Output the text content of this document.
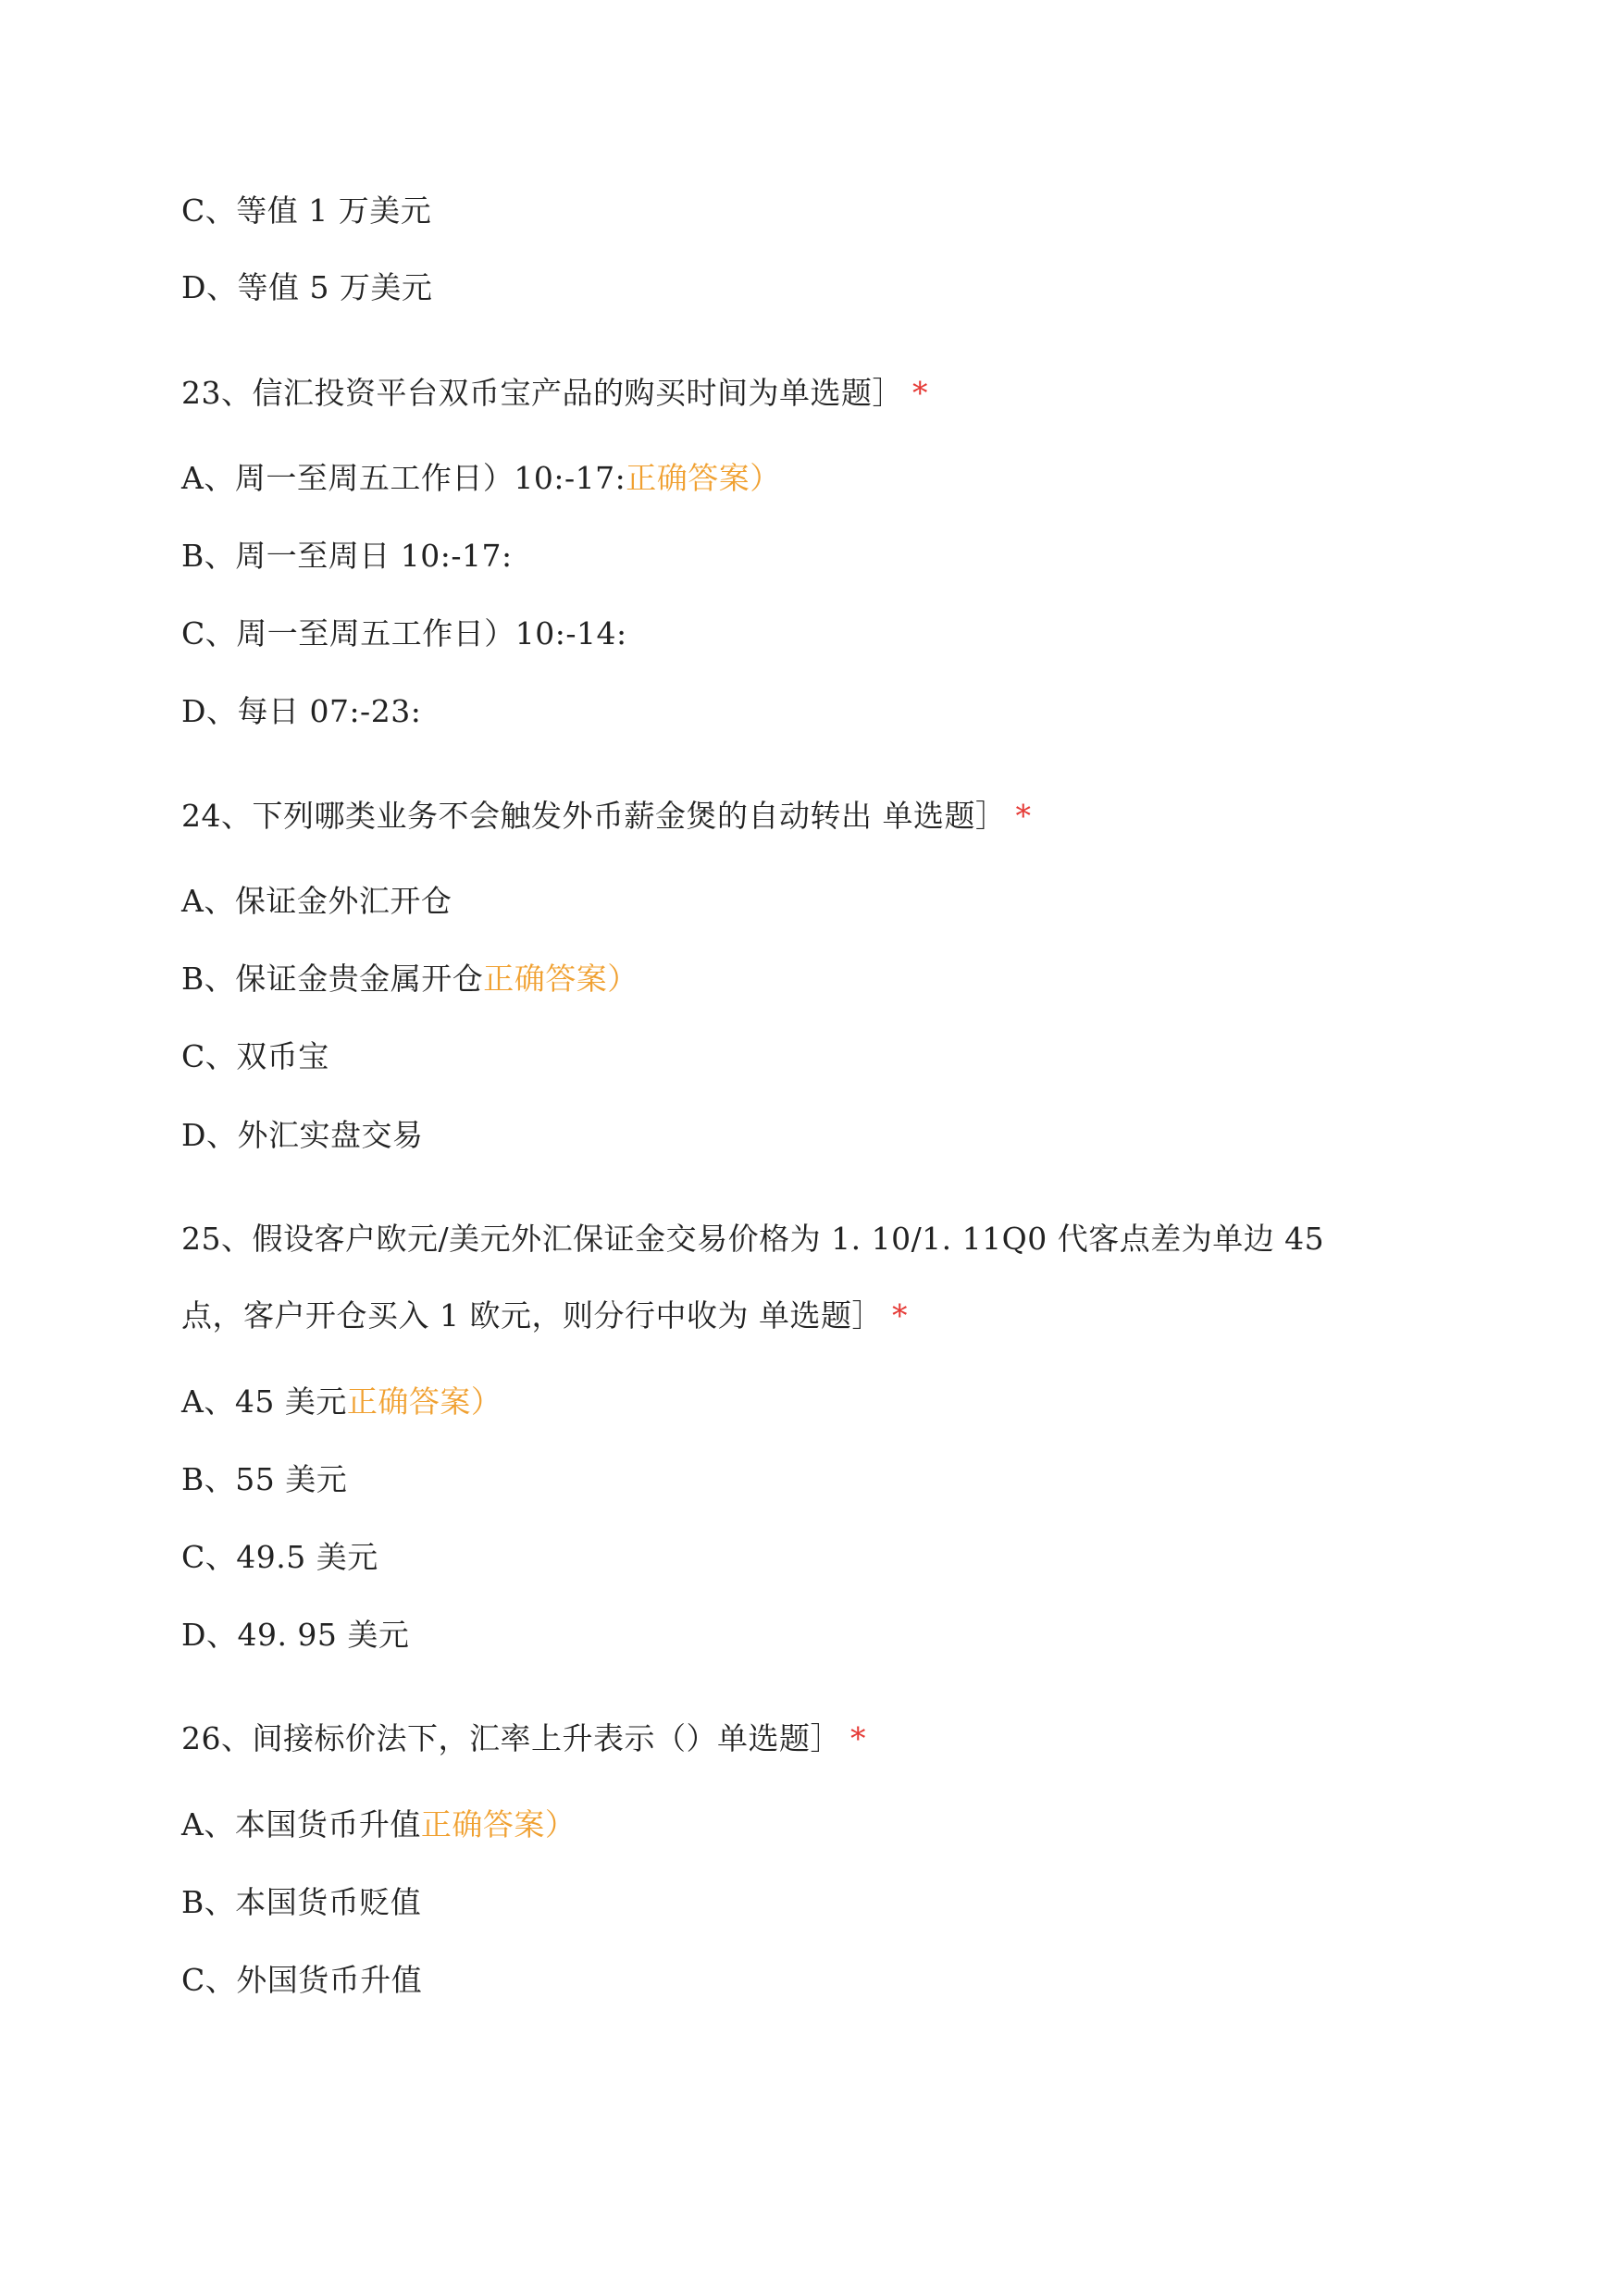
C、等值 1 万美元
D、等值 5 万美元
23、信汇投资平台双币宝产品的购买时间为单选题］ *
A、周一至周五工作日）10:-17:正确答案）
B、周一至周日 10:-17:
C、周一至周五工作日）10:-14:
D、每日 07:-23:
24、下列哪类业务不会触发外币薪金煲的自动转出 单选题］ *
A、保证金外汇开仓
B、保证金贵金属开仓正确答案）
C、双币宝
D、外汇实盘交易
25、假设客户欧元/美元外汇保证金交易价格为 1. 10/1. 11Q0 代客点差为单边 45
点，客户开仓买入 1 欧元，则分行中收为 单选题］ *
A、45 美元正确答案）
B、55 美元
C、49.5 美元
D、49. 95 美元
26、间接标价法下，汇率上升表示（）单选题］ *
A、本国货币升值正确答案）
B、本国货币贬值
C、外国货币升值
